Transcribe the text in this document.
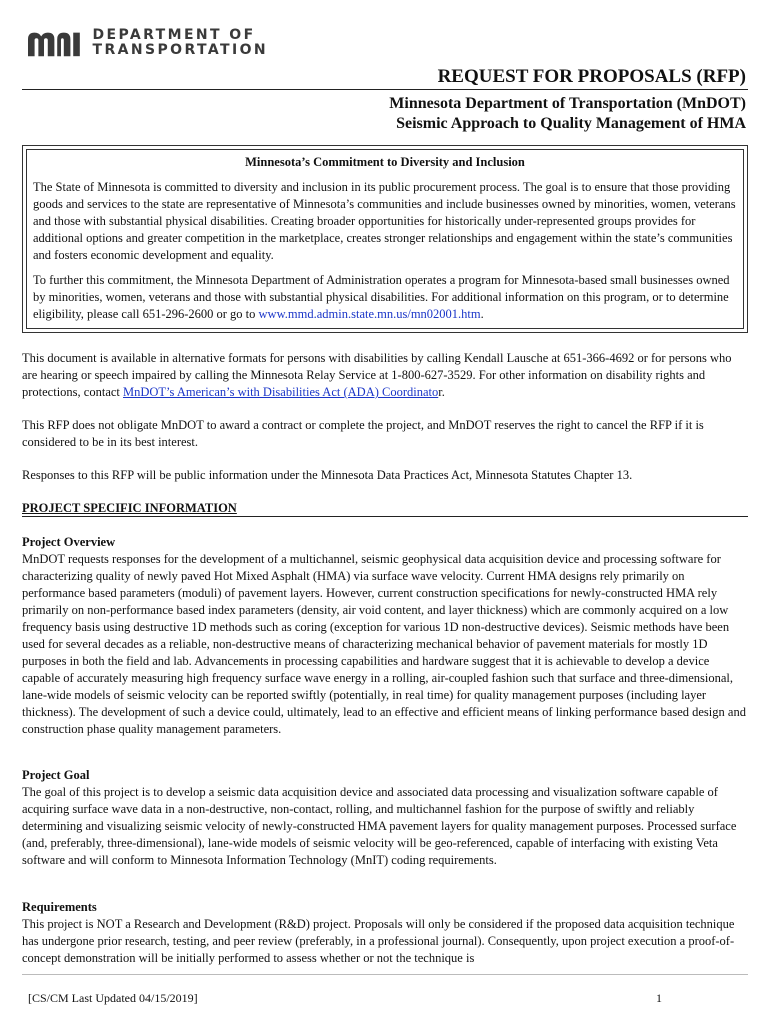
DEPARTMENT OF
TRANSPORTATION
REQUEST FOR PROPOSALS (RFP)
Minnesota Department of Transportation (MnDOT)
Seismic Approach to Quality Management of HMA
Minnesota’s Commitment to Diversity and Inclusion

The State of Minnesota is committed to diversity and inclusion in its public procurement process. The goal is to ensure that those providing goods and services to the state are representative of Minnesota’s communities and include businesses owned by minorities, women, veterans and those with substantial physical disabilities. Creating broader opportunities for historically under-represented groups provides for additional options and greater competition in the marketplace, creates stronger relationships and engagement within the state’s communities and fosters economic development and equality.

To further this commitment, the Minnesota Department of Administration operates a program for Minnesota-based small businesses owned by minorities, women, veterans and those with substantial physical disabilities. For additional information on this program, or to determine eligibility, please call 651-296-2600 or go to www.mmd.admin.state.mn.us/mn02001.htm.

This document is available in alternative formats for persons with disabilities by calling Kendall Lausche at 651-366-4692 or for persons who are hearing or speech impaired by calling the Minnesota Relay Service at 1-800-627-3529. For other information on disability rights and protections, contact MnDOT’s American’s with Disabilities Act (ADA) Coordinator.
This RFP does not obligate MnDOT to award a contract or complete the project, and MnDOT reserves the right to cancel the RFP if it is considered to be in its best interest.
Responses to this RFP will be public information under the Minnesota Data Practices Act, Minnesota Statutes Chapter 13.
PROJECT SPECIFIC INFORMATION
Project Overview
MnDOT requests responses for the development of a multichannel, seismic geophysical data acquisition device and processing software for characterizing quality of newly paved Hot Mixed Asphalt (HMA) via surface wave velocity. Current HMA designs rely primarily on performance based parameters (moduli) of pavement layers. However, current construction specifications for newly-constructed HMA rely primarily on non-performance based index parameters (density, air void content, and layer thickness) which are commonly acquired on a low frequency basis using destructive 1D methods such as coring (exception for various 1D non-destructive devices). Seismic methods have been used for several decades as a reliable, non-destructive means of characterizing mechanical behavior of pavement materials for mostly 1D purposes in both the field and lab. Advancements in processing capabilities and hardware suggest that it is achievable to develop a device capable of accurately measuring high frequency surface wave energy in a rolling, air-coupled fashion such that surface and three-dimensional, lane-wide models of seismic velocity can be reported swiftly (potentially, in real time) for quality management purposes (including layer thickness). The development of such a device could, ultimately, lead to an effective and efficient means of linking performance based design and construction phase quality management parameters.
Project Goal
The goal of this project is to develop a seismic data acquisition device and associated data processing and visualization software capable of acquiring surface wave data in a non-destructive, non-contact, rolling, and multichannel fashion for the purpose of swiftly and reliably determining and visualizing seismic velocity of newly-constructed HMA pavement layers for quality management purposes. Processed surface (and, preferably, three-dimensional), lane-wide models of seismic velocity will be geo-referenced, capable of interfacing with existing Veta software and will conform to Minnesota Information Technology (MnIT) coding requirements.
Requirements
This project is NOT a Research and Development (R&D) project. Proposals will only be considered if the proposed data acquisition technique has undergone prior research, testing, and peer review (preferably, in a professional journal). Consequently, upon project execution a proof-of-concept demonstration will be initially performed to assess whether or not the technique is
[CS/CM Last Updated 04/15/2019]	1
